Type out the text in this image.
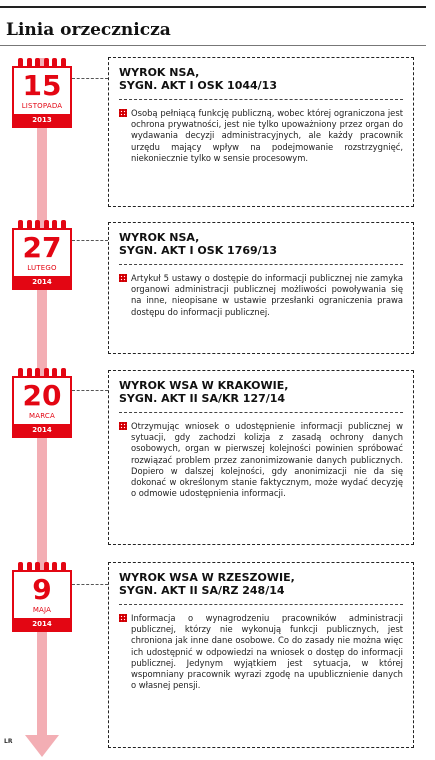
Linia orzecznicza
LR
15
LISTOPADA
2013
WYROK NSA,
SYGN. AKT I OSK 1044/13
Osobą pełniącą funkcję publiczną, wobec której ograniczona jest ochrona prywatności, jest nie tylko upoważniony przez organ do wydawania decyzji administracyjnych, ale każdy pracownik urzędu mający wpływ na podejmowanie rozstrzygnięć, niekoniecznie tylko w sensie procesowym.
27
LUTEGO
2014
WYROK NSA,
SYGN. AKT I OSK 1769/13
Artykuł 5 ustawy o dostępie do informacji publicznej nie zamyka organowi administracji publicznej możliwości powoływania się na inne, nieopisane w ustawie przesłanki ograniczenia prawa dostępu do informacji publicznej.
20
MARCA
2014
WYROK WSA W KRAKOWIE,
SYGN. AKT II SA/KR 127/14
Otrzymując wniosek o udostępnienie informacji publicznej w sytuacji, gdy zachodzi kolizja z zasadą ochrony danych osobowych, organ w pierwszej kolejności powinien spróbować rozwiązać problem przez zanonimizowanie danych publicznych. Dopiero w dalszej kolejności, gdy anonimizacji nie da się dokonać w określonym stanie faktycznym, może wydać decyzję o odmowie udostępnienia informacji.
9
MAJA
2014
WYROK WSA W RZESZOWIE,
SYGN. AKT II SA/RZ 248/14
Informacja o wynagrodzeniu pracowników administracji publicznej, którzy nie wykonują funkcji publicznych, jest chroniona jak inne dane osobowe. Co do zasady nie można więc ich udostępnić w odpowiedzi na wniosek o dostęp do informacji publicznej. Jedynym wyjątkiem jest sytuacja, w której wspomniany pracownik wyrazi zgodę na upublicznienie danych o własnej pensji.
